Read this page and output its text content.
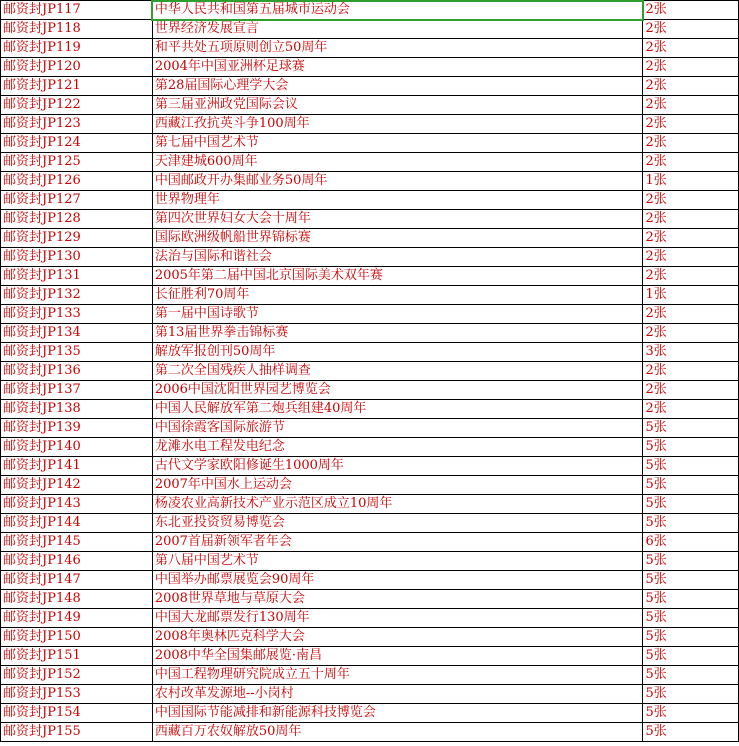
邮资封JP117	中华人民共和国第五届城市运动会	2张
邮资封JP118	世界经济发展宣言	2张
邮资封JP119	和平共处五项原则创立50周年	2张
邮资封JP120	2004年中国亚洲杯足球赛	2张
邮资封JP121	第28届国际心理学大会	2张
邮资封JP122	第三届亚洲政党国际会议	2张
邮资封JP123	西藏江孜抗英斗争100周年	2张
邮资封JP124	第七届中国艺术节	2张
邮资封JP125	天津建城600周年	2张
邮资封JP126	中国邮政开办集邮业务50周年	1张
邮资封JP127	世界物理年	2张
邮资封JP128	第四次世界妇女大会十周年	2张
邮资封JP129	国际欧洲级帆船世界锦标赛	2张
邮资封JP130	法治与国际和谐社会	2张
邮资封JP131	2005年第二届中国北京国际美术双年赛	2张
邮资封JP132	长征胜利70周年	1张
邮资封JP133	第一届中国诗歌节	2张
邮资封JP134	第13届世界拳击锦标赛	2张
邮资封JP135	解放军报创刊50周年	3张
邮资封JP136	第二次全国残疾人抽样调查	2张
邮资封JP137	2006中国沈阳世界园艺博览会	2张
邮资封JP138	中国人民解放军第二炮兵组建40周年	2张
邮资封JP139	中国徐霞客国际旅游节	5张
邮资封JP140	龙滩水电工程发电纪念	5张
邮资封JP141	古代文学家欧阳修诞生1000周年	5张
邮资封JP142	2007年中国水上运动会	5张
邮资封JP143	杨凌农业高新技术产业示范区成立10周年	5张
邮资封JP144	东北亚投资贸易博览会	5张
邮资封JP145	2007首届新领军者年会	6张
邮资封JP146	第八届中国艺术节	5张
邮资封JP147	中国举办邮票展览会90周年	5张
邮资封JP148	2008世界草地与草原大会	5张
邮资封JP149	中国大龙邮票发行130周年	5张
邮资封JP150	2008年奥林匹克科学大会	5张
邮资封JP151	2008中华全国集邮展览·南昌	5张
邮资封JP152	中国工程物理研究院成立五十周年	5张
邮资封JP153	农村改革发源地--小岗村	5张
邮资封JP154	中国国际节能减排和新能源科技博览会	5张
邮资封JP155	西藏百万农奴解放50周年	5张
